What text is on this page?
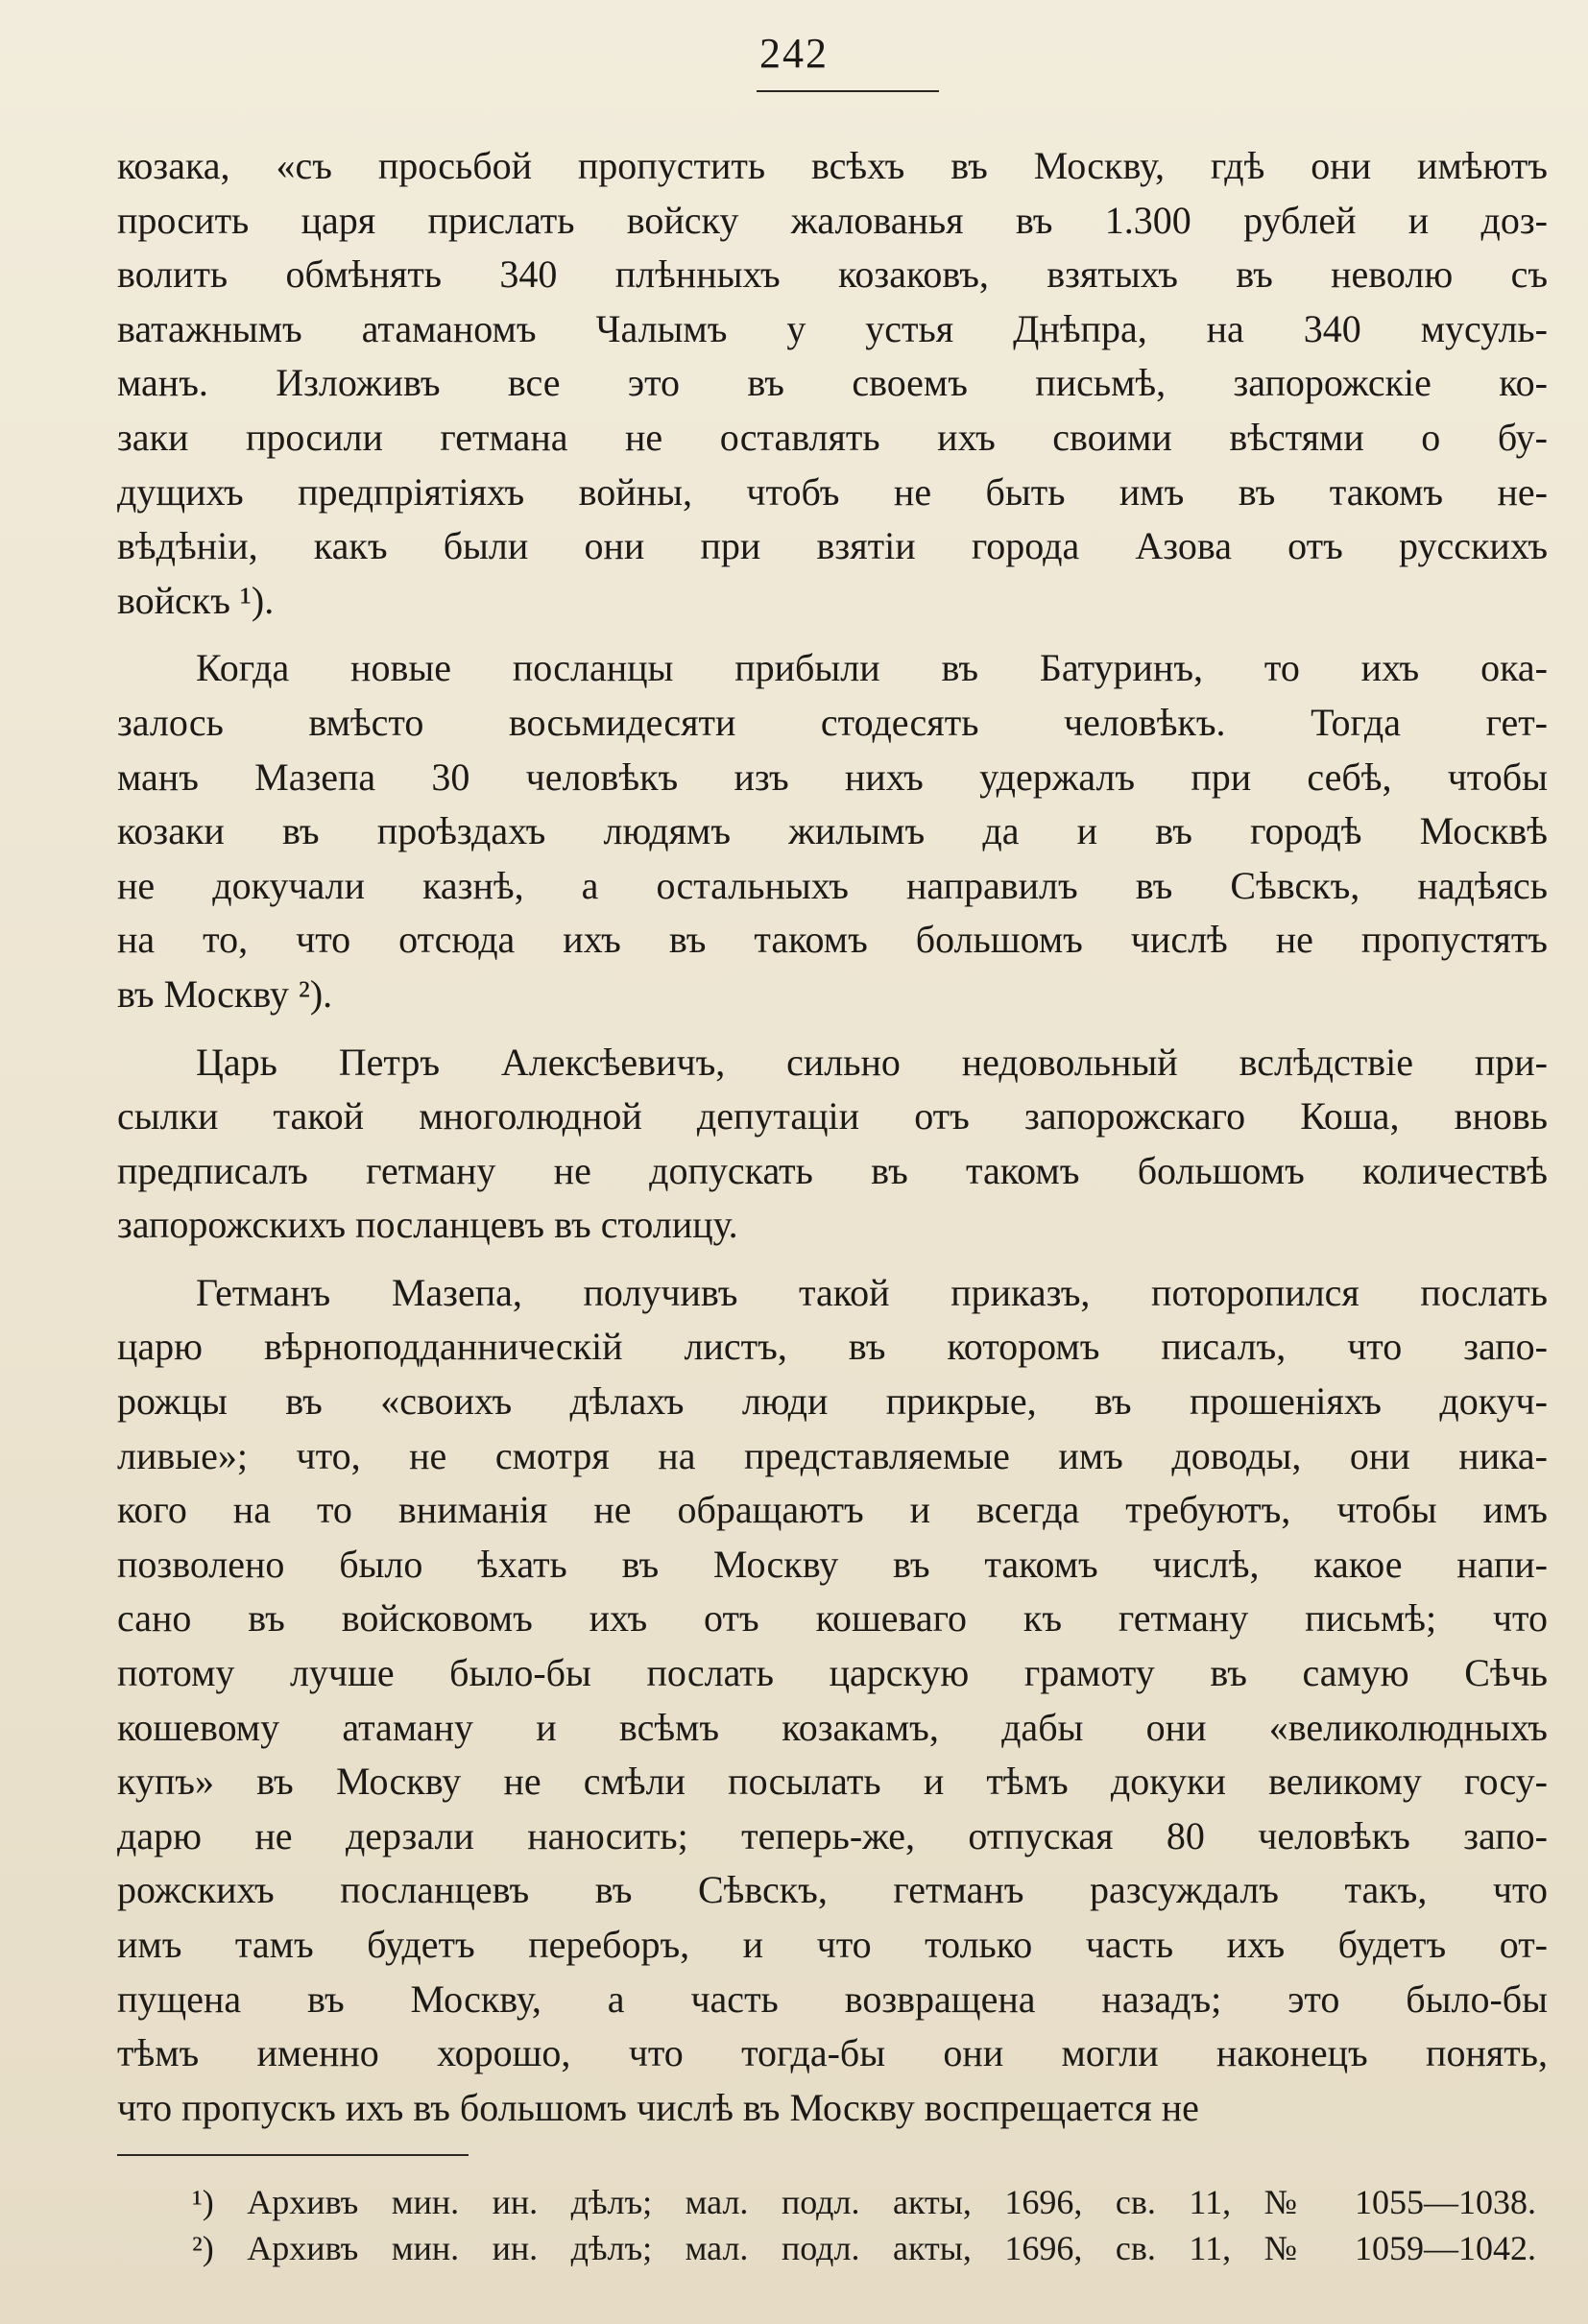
242
козака, «съ просьбой пропустить всѣхъ въ Москву, гдѣ они имѣютъ
просить царя прислать войску жалованья въ 1.300 рублей и доз-
волить обмѣнять 340 плѣнныхъ козаковъ, взятыхъ въ неволю съ
ватажнымъ атаманомъ Чалымъ у устья Днѣпра, на 340 мусуль-
манъ. Изложивъ все это въ своемъ письмѣ, запорожскіе ко-
заки просили гетмана не оставлять ихъ своими вѣстями о бу-
дущихъ предпріятіяхъ войны, чтобъ не быть имъ въ такомъ не-
вѣдѣніи, какъ были они при взятіи города Азова отъ русскихъ
войскъ ¹).
Когда новые посланцы прибыли въ Батуринъ, то ихъ ока-
залось вмѣсто восьмидесяти стодесять человѣкъ. Тогда гет-
манъ Мазепа 30 человѣкъ изъ нихъ удержалъ при себѣ, чтобы
козаки въ проѣздахъ людямъ жилымъ да и въ городѣ Москвѣ
не докучали казнѣ, а остальныхъ направилъ въ Сѣвскъ, надѣясь
на то, что отсюда ихъ въ такомъ большомъ числѣ не пропустятъ
въ Москву ²).
Царь Петръ Алексѣевичъ, сильно недовольный вслѣдствіе при-
сылки такой многолюдной депутаціи отъ запорожскаго Коша, вновь
предписалъ гетману не допускать въ такомъ большомъ количествѣ
запорожскихъ посланцевъ въ столицу.
Гетманъ Мазепа, получивъ такой приказъ, поторопился послать
царю вѣрноподданническій листъ, въ которомъ писалъ, что запо-
рожцы въ «своихъ дѣлахъ люди прикрые, въ прошеніяхъ докуч-
ливые»; что, не смотря на представляемые имъ доводы, они ника-
кого на то вниманія не обращаютъ и всегда требуютъ, чтобы имъ
позволено было ѣхать въ Москву въ такомъ числѣ, какое напи-
сано въ войсковомъ ихъ отъ кошеваго къ гетману письмѣ; что
потому лучше было-бы послать царскую грамоту въ самую Сѣчь
кошевому атаману и всѣмъ козакамъ, дабы они «великолюдныхъ
купъ» въ Москву не смѣли посылать и тѣмъ докуки великому госу-
дарю не дерзали наносить; теперь-же, отпуская 80 человѣкъ запо-
рожскихъ посланцевъ въ Сѣвскъ, гетманъ разсуждалъ такъ, что
имъ тамъ будетъ переборъ, и что только часть ихъ будетъ от-
пущена въ Москву, а часть возвращена назадъ; это было-бы
тѣмъ именно хорошо, что тогда-бы они могли наконецъ понять,
что пропускъ ихъ въ большомъ числѣ въ Москву воспрещается не
¹) Архивъ мин. ин. дѣлъ; мал. подл. акты, 1696, св. 11, № 1055—1038.
²) Архивъ мин. ин. дѣлъ; мал. подл. акты, 1696, св. 11, № 1059—1042.
